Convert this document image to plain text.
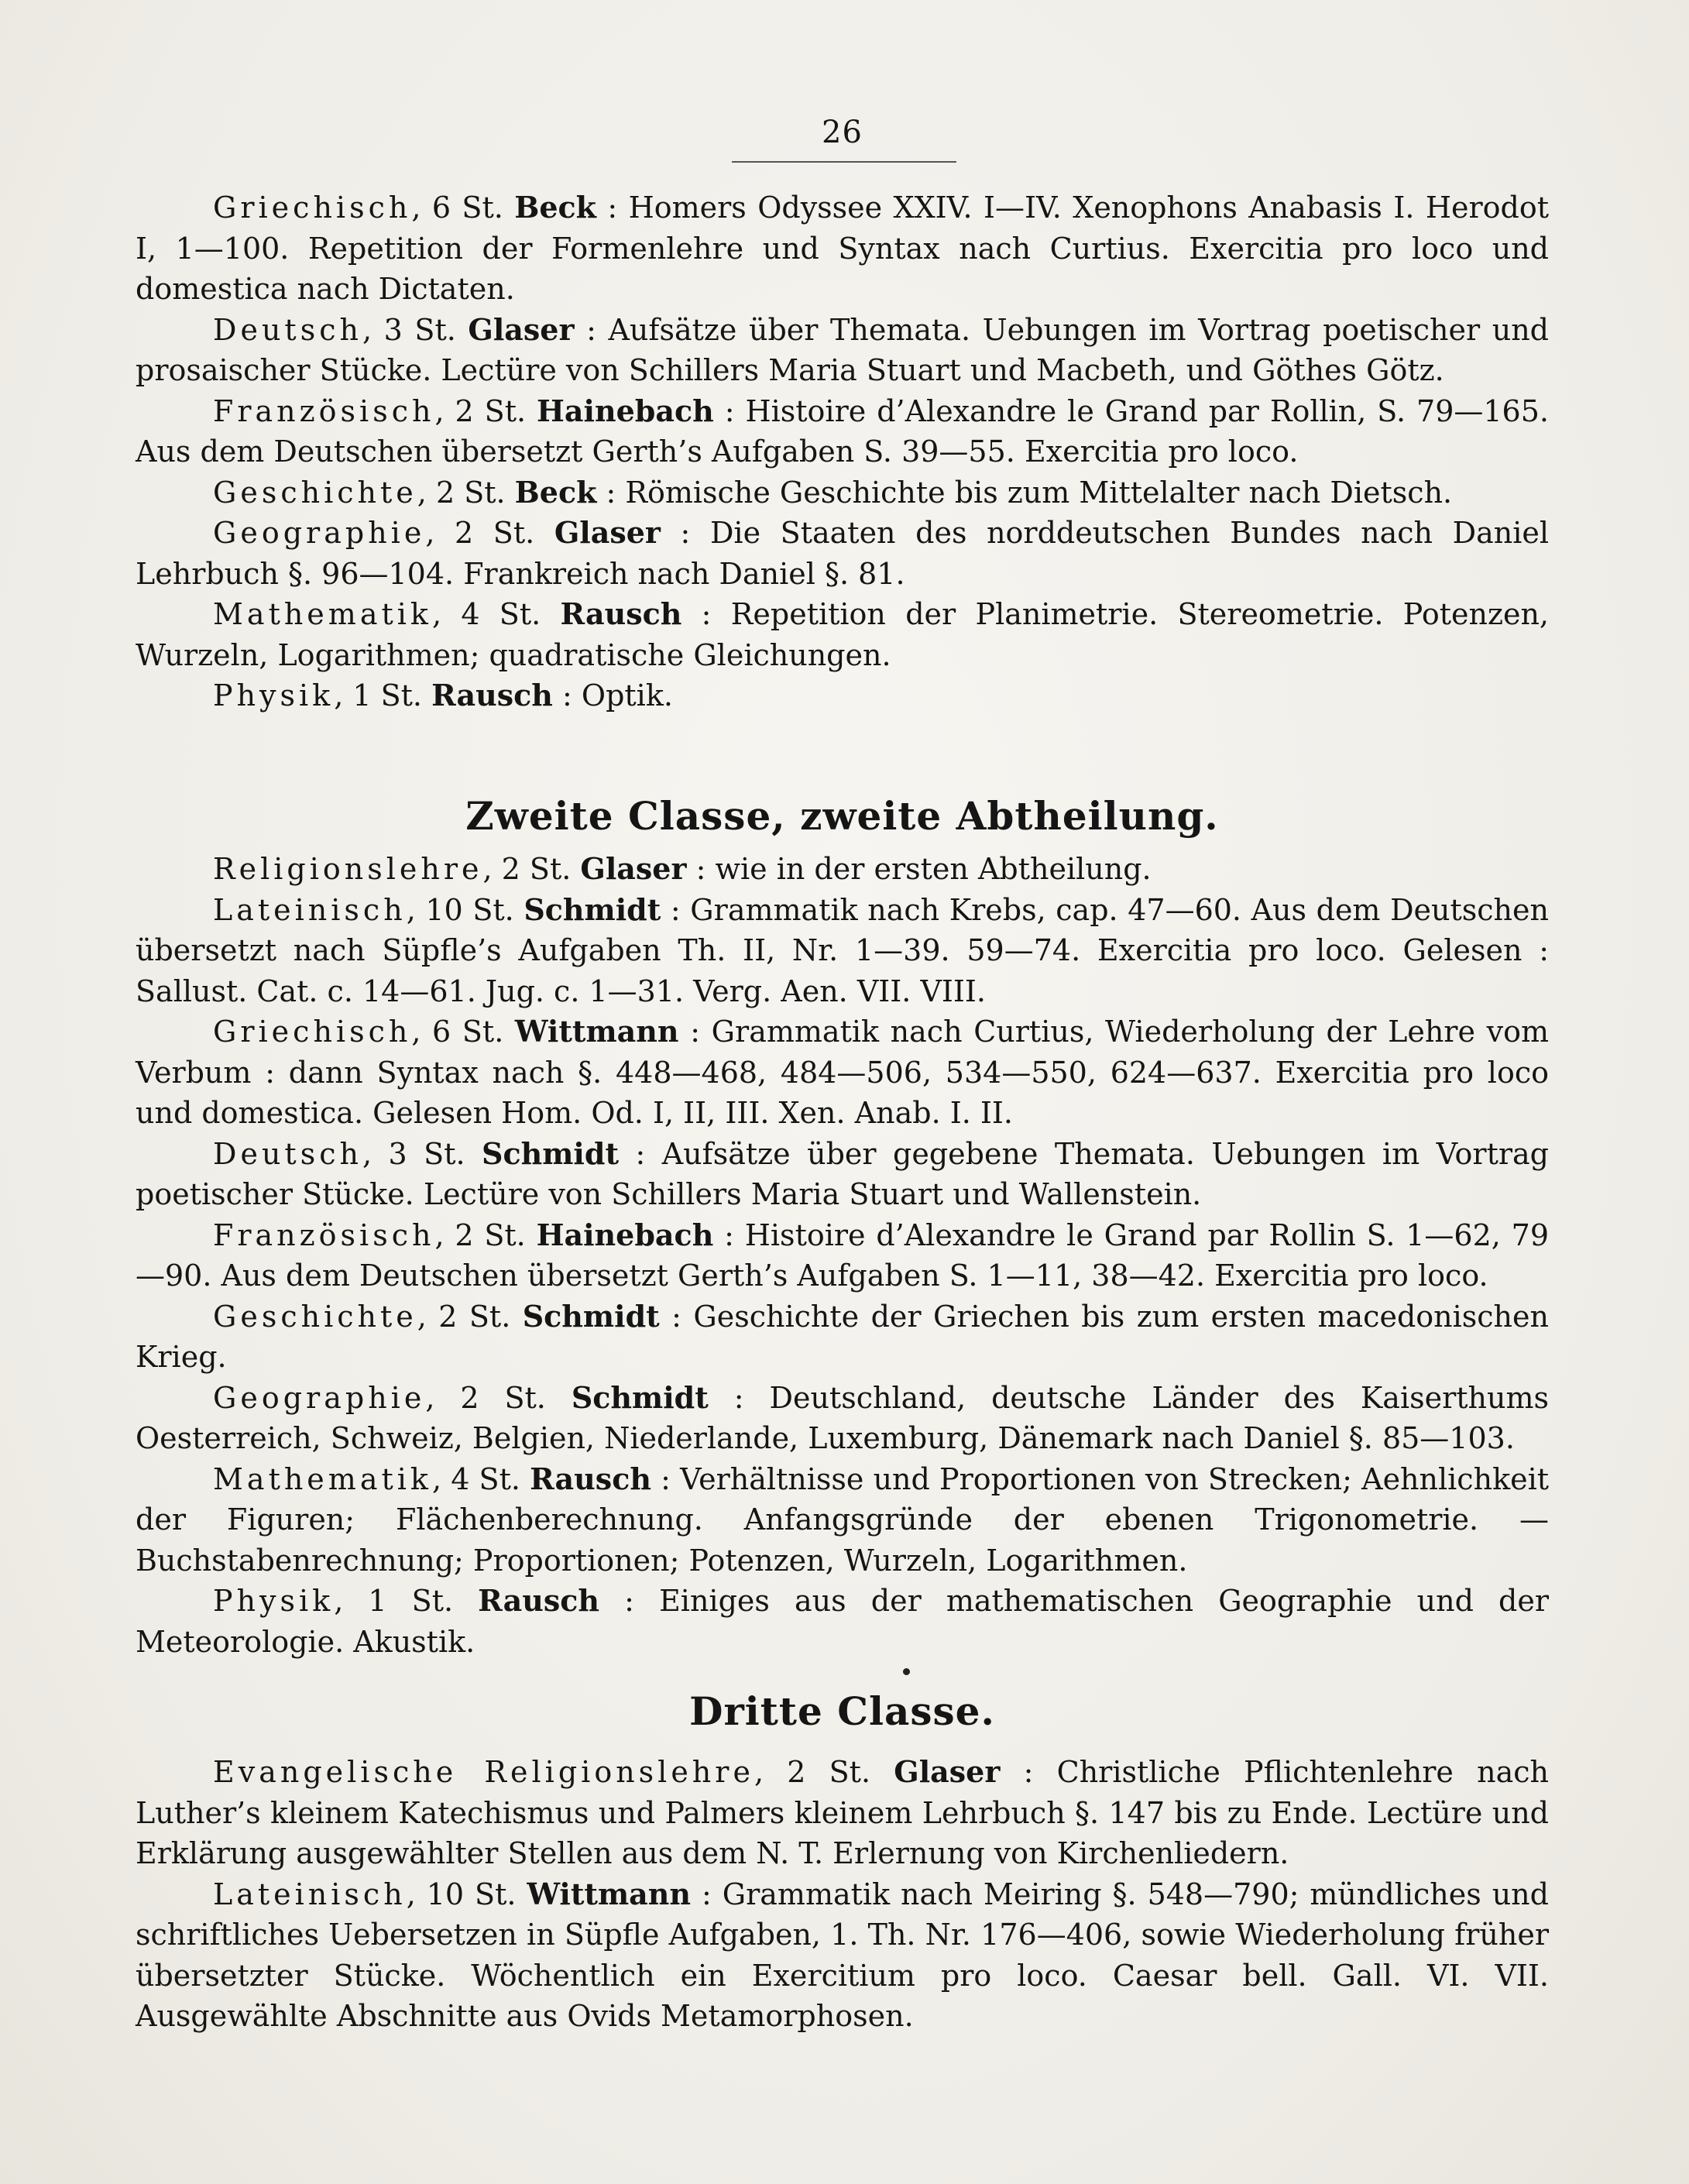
26

Griechisch, 6 St. Beck : Homers Odyssee XXIV. I—IV. Xenophons Anabasis I. Herodot I, 1—100. Repetition der Formenlehre und Syntax nach Curtius. Exercitia pro loco und domestica nach Dictaten.

Deutsch, 3 St. Glaser : Aufsätze über Themata. Uebungen im Vortrag poetischer und prosaischer Stücke. Lectüre von Schillers Maria Stuart und Macbeth, und Göthes Götz.

Französisch, 2 St. Hainebach : Histoire d’Alexandre le Grand par Rollin, S. 79—165. Aus dem Deutschen übersetzt Gerth’s Aufgaben S. 39—55. Exercitia pro loco.

Geschichte, 2 St. Beck : Römische Geschichte bis zum Mittelalter nach Dietsch.

Geographie, 2 St. Glaser : Die Staaten des norddeutschen Bundes nach Daniel Lehrbuch §. 96—104. Frankreich nach Daniel §. 81.

Mathematik, 4 St. Rausch : Repetition der Planimetrie. Stereometrie. Potenzen, Wurzeln, Logarithmen; quadratische Gleichungen.

Physik, 1 St. Rausch : Optik.

Zweite Classe, zweite Abtheilung.

Religionslehre, 2 St. Glaser : wie in der ersten Abtheilung.

Lateinisch, 10 St. Schmidt : Grammatik nach Krebs, cap. 47—60. Aus dem Deutschen übersetzt nach Süpfle’s Aufgaben Th. II, Nr. 1—39. 59—74. Exercitia pro loco. Gelesen : Sallust. Cat. c. 14—61. Jug. c. 1—31. Verg. Aen. VII. VIII.

Griechisch, 6 St. Wittmann : Grammatik nach Curtius, Wiederholung der Lehre vom Verbum : dann Syntax nach §. 448—468, 484—506, 534—550, 624—637. Exercitia pro loco und domestica. Gelesen Hom. Od. I, II, III. Xen. Anab. I. II.

Deutsch, 3 St. Schmidt : Aufsätze über gegebene Themata. Uebungen im Vortrag poetischer Stücke. Lectüre von Schillers Maria Stuart und Wallenstein.

Französisch, 2 St. Hainebach : Histoire d’Alexandre le Grand par Rollin S. 1—62, 79—90. Aus dem Deutschen übersetzt Gerth’s Aufgaben S. 1—11, 38—42. Exercitia pro loco.

Geschichte, 2 St. Schmidt : Geschichte der Griechen bis zum ersten macedonischen Krieg.

Geographie, 2 St. Schmidt : Deutschland, deutsche Länder des Kaiserthums Oesterreich, Schweiz, Belgien, Niederlande, Luxemburg, Dänemark nach Daniel §. 85—103.

Mathematik, 4 St. Rausch : Verhältnisse und Proportionen von Strecken; Aehnlichkeit der Figuren; Flächenberechnung. Anfangsgründe der ebenen Trigonometrie. — Buchstabenrechnung; Proportionen; Potenzen, Wurzeln, Logarithmen.

Physik, 1 St. Rausch : Einiges aus der mathematischen Geographie und der Meteorologie. Akustik.

Dritte Classe.

Evangelische Religionslehre, 2 St. Glaser : Christliche Pflichtenlehre nach Luther’s kleinem Katechismus und Palmers kleinem Lehrbuch §. 147 bis zu Ende. Lectüre und Erklärung ausgewählter Stellen aus dem N. T. Erlernung von Kirchenliedern.

Lateinisch, 10 St. Wittmann : Grammatik nach Meiring §. 548—790; mündliches und schriftliches Uebersetzen in Süpfle Aufgaben, 1. Th. Nr. 176—406, sowie Wiederholung früher übersetzter Stücke. Wöchentlich ein Exercitium pro loco. Caesar bell. Gall. VI. VII. Ausgewählte Abschnitte aus Ovids Metamorphosen.
